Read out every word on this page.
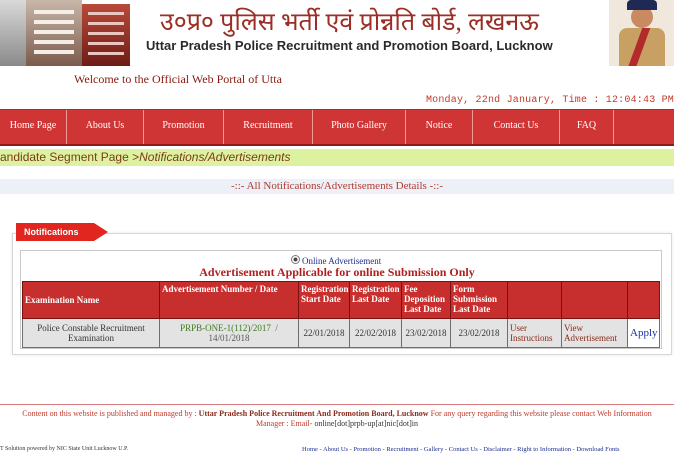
उ०प्र० पुलिस भर्ती एवं प्रोन्नति बोर्ड, लखनऊ
Uttar Pradesh Police Recruitment and Promotion Board, Lucknow
Welcome to the Official Web Portal of Utta
Monday, 22nd January, Time : 12:04:43 PM
Home Page	About Us	Promotion	Recruitment	Photo Gallery	Notice	Contact Us	FAQ
andidate Segment Page >Notifications/Advertisements
-::- All Notifications/Advertisements Details -::-
Notifications
Online Advertisement
Advertisement Applicable for online Submission Only
Examination Name	Advertisement Number / Date	Registration Start Date	Registration Last Date	Fee Deposition Last Date	Form Submission Last Date			
Police Constable Recruitment Examination	PRPB-ONE-1(112)/2017 /
14/01/2018	22/01/2018	22/02/2018	23/02/2018	23/02/2018	User Instructions	View Advertisement	Apply
Content on this website is published and managed by : Uttar Pradesh Police Recruitment And Promotion Board, Lucknow For any query regarding this website please contact Web Information
Manager : Email- online[dot]prpb-up[at]nic[dot]in
T Solution powered by NIC State Unit Lucknow U.P.	Home - About Us - Promotion - Recruitment - Gallery - Contact Us - Disclaimer - Right to Information - Download Fonts
